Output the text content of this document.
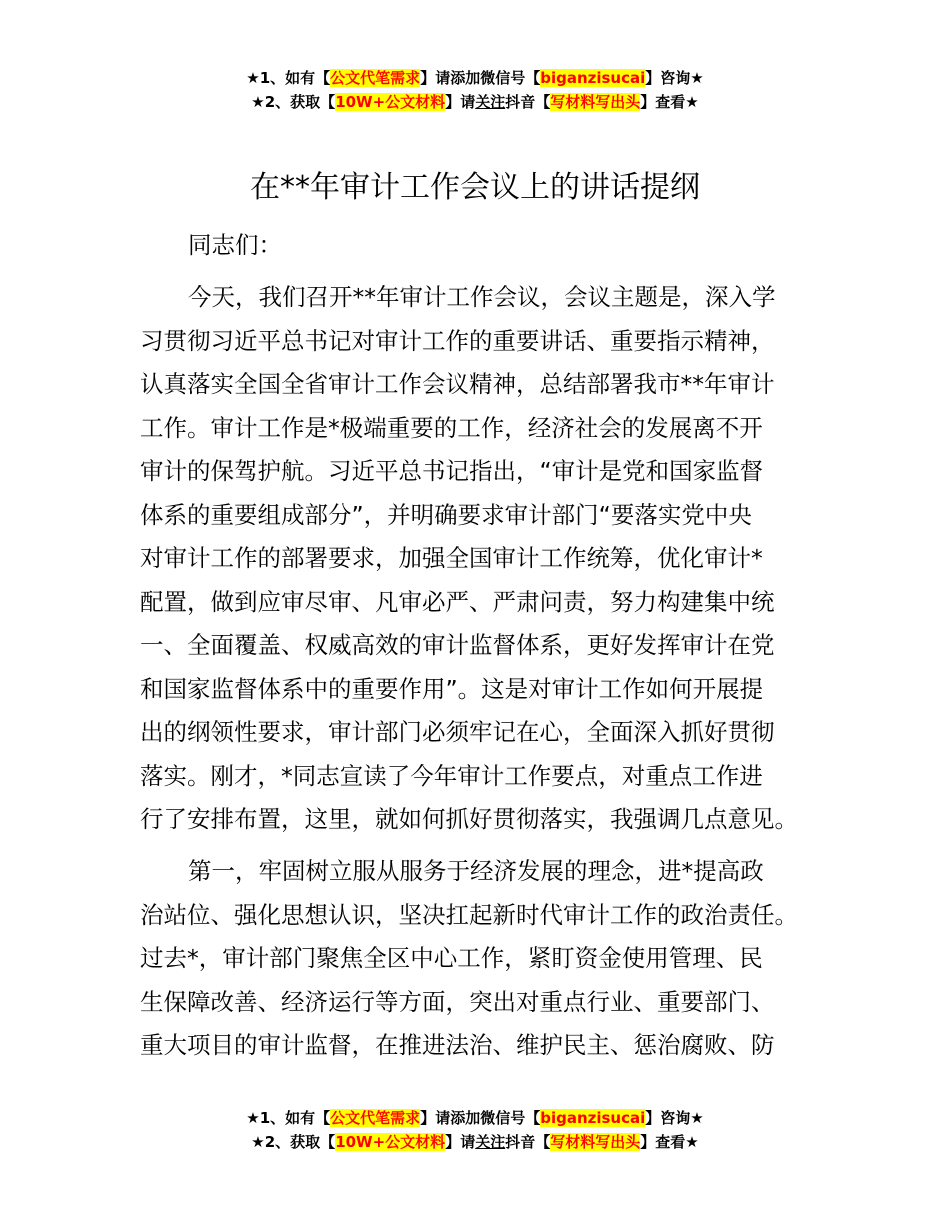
★1、如有【公文代笔需求】请添加微信号【biganzisucai】咨询★
★2、获取【10W+公文材料】请关注抖音【写材料写出头】查看★
在**年审计工作会议上的讲话提纲
同志们：
今天，我们召开**年审计工作会议，会议主题是，深入学
习贯彻习近平总书记对审计工作的重要讲话、重要指示精神，
认真落实全国全省审计工作会议精神，总结部署我市**年审计
工作。审计工作是*极端重要的工作，经济社会的发展离不开
审计的保驾护航。习近平总书记指出，“审计是党和国家监督
体系的重要组成部分”，并明确要求审计部门“要落实党中央
对审计工作的部署要求，加强全国审计工作统筹，优化审计*
配置，做到应审尽审、凡审必严、严肃问责，努力构建集中统
一、全面覆盖、权威高效的审计监督体系，更好发挥审计在党
和国家监督体系中的重要作用”。这是对审计工作如何开展提
出的纲领性要求，审计部门必须牢记在心，全面深入抓好贯彻
落实。刚才，*同志宣读了今年审计工作要点，对重点工作进
行了安排布置，这里，就如何抓好贯彻落实，我强调几点意见。
第一，牢固树立服从服务于经济发展的理念，进*提高政
治站位、强化思想认识，坚决扛起新时代审计工作的政治责任。
过去*，审计部门聚焦全区中心工作，紧盯资金使用管理、民
生保障改善、经济运行等方面，突出对重点行业、重要部门、
重大项目的审计监督，在推进法治、维护民主、惩治腐败、防
★1、如有【公文代笔需求】请添加微信号【biganzisucai】咨询★
★2、获取【10W+公文材料】请关注抖音【写材料写出头】查看★
